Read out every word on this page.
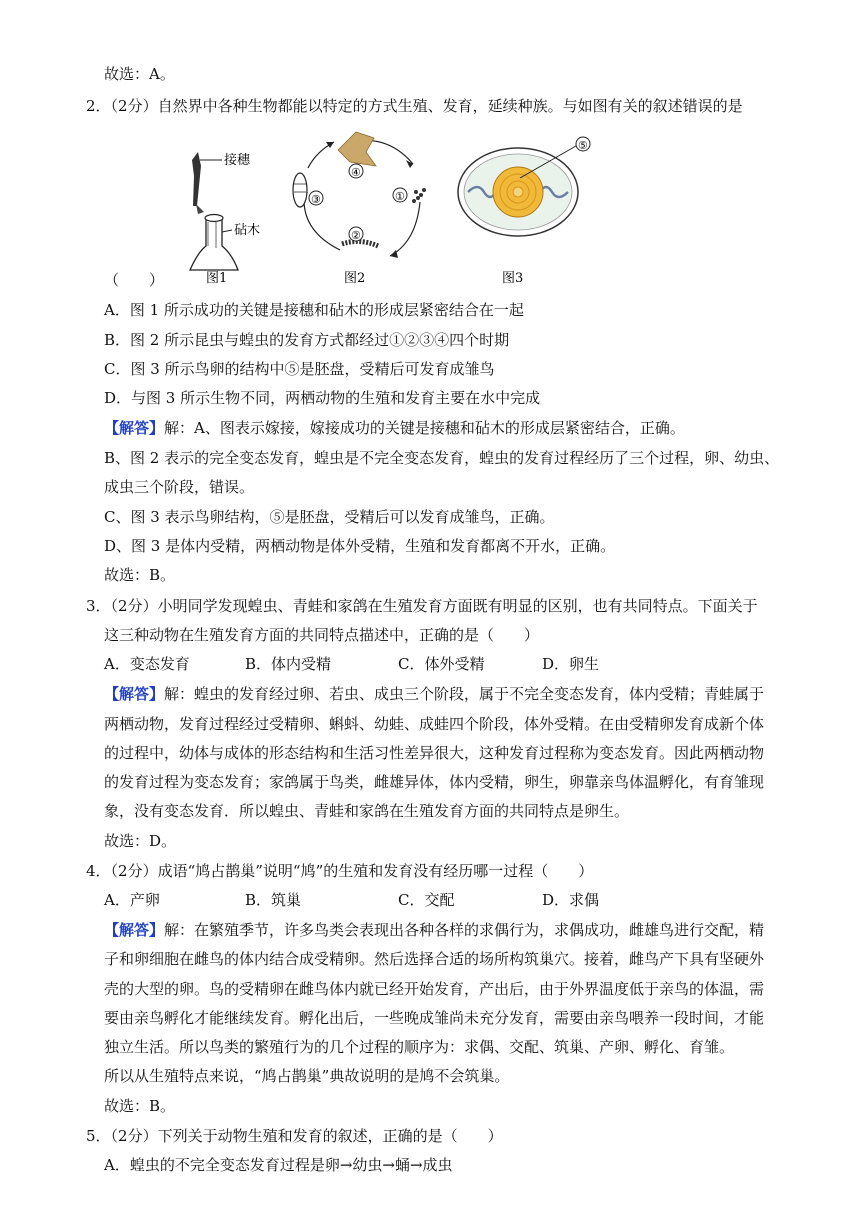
故选：A。
2．（2分）自然界中各种生物都能以特定的方式生殖、发育，延续种族。与如图有关的叙述错误的是
接穗
砧木
图1
④
①
②
③
图2
⑤
图3
（　　）
A．图 1 所示成功的关键是接穗和砧木的形成层紧密结合在一起
B．图 2 所示昆虫与蝗虫的发育方式都经过①②③④四个时期
C．图 3 所示鸟卵的结构中⑤是胚盘，受精后可发育成雏鸟
D．与图 3 所示生物不同，两栖动物的生殖和发育主要在水中完成
【解答】解：A、图表示嫁接，嫁接成功的关键是接穗和砧木的形成层紧密结合，正确。
B、图 2 表示的完全变态发育，蝗虫是不完全变态发育，蝗虫的发育过程经历了三个过程，卵、幼虫、
成虫三个阶段，错误。
C、图 3 表示鸟卵结构，⑤是胚盘，受精后可以发育成雏鸟，正确。
D、图 3 是体内受精，两栖动物是体外受精，生殖和发育都离不开水，正确。
故选：B。
3．（2分）小明同学发现蝗虫、青蛙和家鸽在生殖发育方面既有明显的区别，也有共同特点。下面关于
这三种动物在生殖发育方面的共同特点描述中，正确的是（　　）
A．变态发育	B．体内受精	C．体外受精	D．卵生
【解答】解：蝗虫的发育经过卵、若虫、成虫三个阶段，属于不完全变态发育，体内受精；青蛙属于
两栖动物，发育过程经过受精卵、蝌蚪、幼蛙、成蛙四个阶段，体外受精。在由受精卵发育成新个体
的过程中，幼体与成体的形态结构和生活习性差异很大，这种发育过程称为变态发育。因此两栖动物
的发育过程为变态发育；家鸽属于鸟类，雌雄异体，体内受精，卵生，卵靠亲鸟体温孵化，有育雏现
象，没有变态发育．所以蝗虫、青蛙和家鸽在生殖发育方面的共同特点是卵生。
故选：D。
4．（2分）成语“鸠占鹊巢”说明“鸠”的生殖和发育没有经历哪一过程（　　）
A．产卵	B．筑巢	C．交配	D．求偶
【解答】解：在繁殖季节，许多鸟类会表现出各种各样的求偶行为，求偶成功，雌雄鸟进行交配，精
子和卵细胞在雌鸟的体内结合成受精卵。然后选择合适的场所构筑巢穴。接着，雌鸟产下具有坚硬外
壳的大型的卵。鸟的受精卵在雌鸟体内就已经开始发育，产出后，由于外界温度低于亲鸟的体温，需
要由亲鸟孵化才能继续发育。孵化出后，一些晚成雏尚未充分发育，需要由亲鸟喂养一段时间，才能
独立生活。所以鸟类的繁殖行为的几个过程的顺序为：求偶、交配、筑巢、产卵、孵化、育雏。
所以从生殖特点来说，“鸠占鹊巢”典故说明的是鸠不会筑巢。
故选：B。
5．（2分）下列关于动物生殖和发育的叙述，正确的是（　　）
A．蝗虫的不完全变态发育过程是卵→幼虫→蛹→成虫
